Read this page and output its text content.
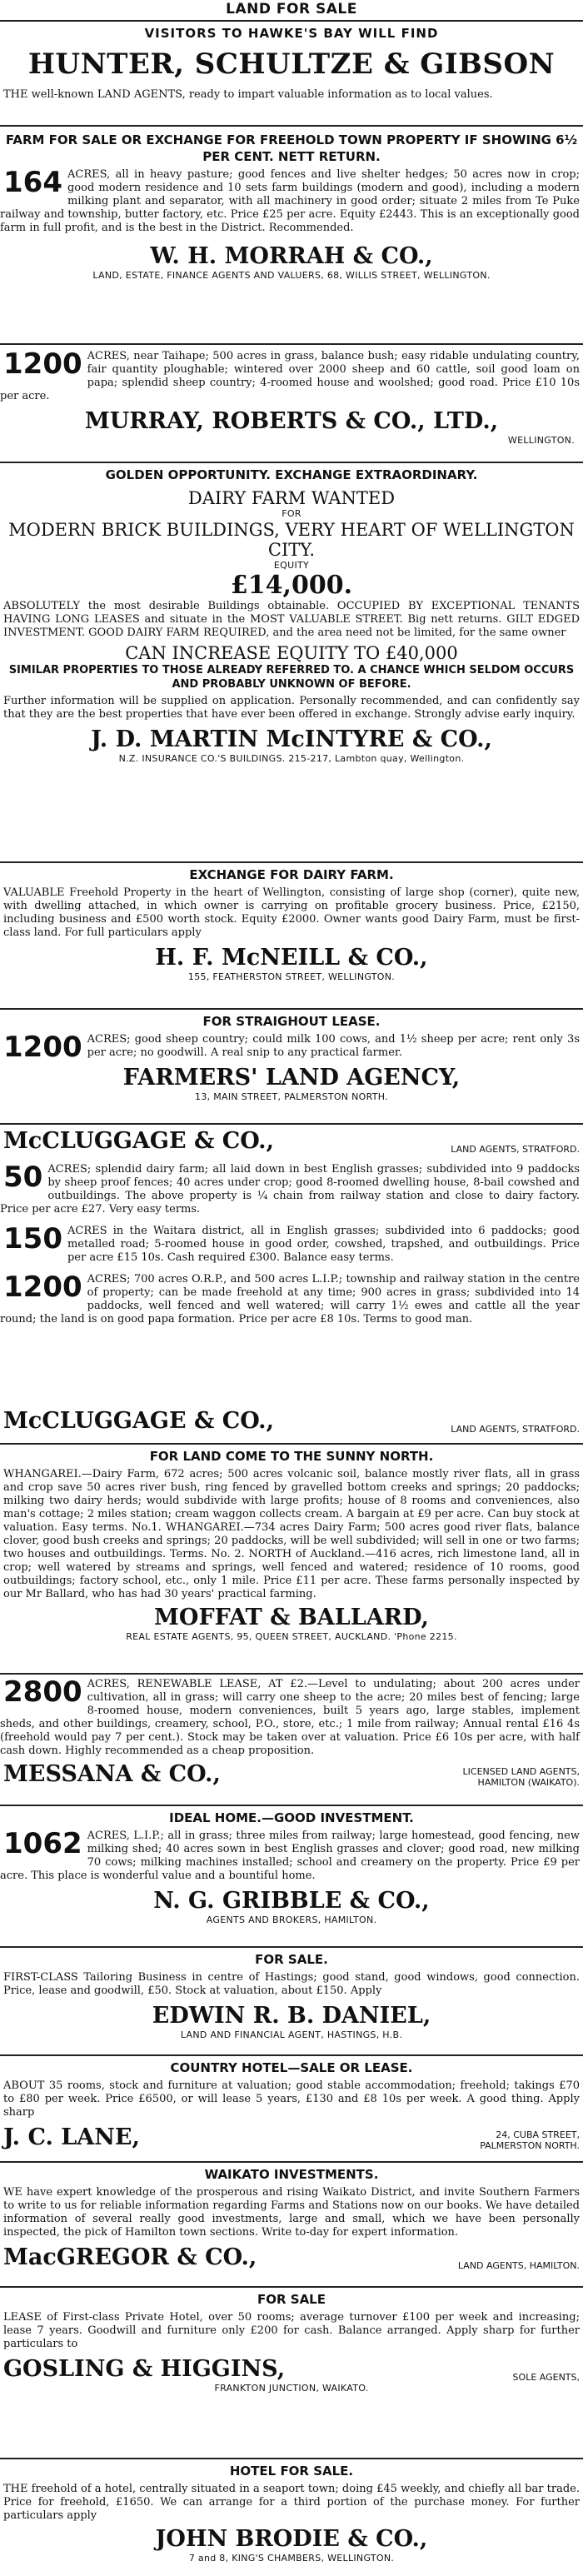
LAND FOR SALE
VISITORS TO HAWKE'S BAY WILL FIND
HUNTER, SCHULTZE & GIBSON
THE well-known LAND AGENTS, ready to impart valuable information as to local values.
FARM FOR SALE OR EXCHANGE FOR FREEHOLD TOWN PROPERTY IF SHOWING 6½ PER CENT. NETT RETURN.
164 ACRES, all in heavy pasture; good fences and live shelter hedges; 50 acres now in crop; good modern residence and 10 sets farm buildings (modern and good), including a modern milking plant and separator, with all machinery in good order; situate 2 miles from Te Puke railway and township, butter factory, etc. Price £25 per acre. Equity £2443. This is an exceptionally good farm in full profit, and is the best in the District. Recommended.
W. H. MORRAH & CO.,
LAND, ESTATE, FINANCE AGENTS AND VALUERS, 68, WILLIS STREET, WELLINGTON.
1200 ACRES, near Taihape; 500 acres in grass, balance bush; easy ridable undulating country, fair quantity ploughable; wintered over 2000 sheep and 60 cattle, soil good loam on papa; splendid sheep country; 4-roomed house and woolshed; good road. Price £10 10s per acre.
MURRAY, ROBERTS & CO., LTD.,
WELLINGTON.
GOLDEN OPPORTUNITY. EXCHANGE EXTRAORDINARY.
DAIRY FARM WANTED
FOR
MODERN BRICK BUILDINGS, VERY HEART OF WELLINGTON CITY.
EQUITY
£14,000.
ABSOLUTELY the most desirable Buildings obtainable. OCCUPIED BY EXCEPTIONAL TENANTS HAVING LONG LEASES and situate in the MOST VALUABLE STREET. Big nett returns. GILT EDGED INVESTMENT. GOOD DAIRY FARM REQUIRED, and the area need not be limited, for the same owner
CAN INCREASE EQUITY TO £40,000
SIMILAR PROPERTIES TO THOSE ALREADY REFERRED TO. A CHANCE WHICH SELDOM OCCURS AND PROBABLY UNKNOWN OF BEFORE.
Further information will be supplied on application. Personally recommended, and can confidently say that they are the best properties that have ever been offered in exchange. Strongly advise early inquiry.
J. D. MARTIN McINTYRE & CO.,
N.Z. INSURANCE CO.'S BUILDINGS. 215-217, Lambton quay, Wellington.
EXCHANGE FOR DAIRY FARM.
VALUABLE Freehold Property in the heart of Wellington, consisting of large shop (corner), quite new, with dwelling attached, in which owner is carrying on profitable grocery business. Price, £2150, including business and £500 worth stock. Equity £2000. Owner wants good Dairy Farm, must be first-class land. For full particulars apply
H. F. McNEILL & CO.,
155, FEATHERSTON STREET, WELLINGTON.
FOR STRAIGHOUT LEASE.
1200 ACRES; good sheep country; could milk 100 cows, and 1½ sheep per acre; rent only 3s per acre; no goodwill. A real snip to any practical farmer.
FARMERS' LAND AGENCY,
13, MAIN STREET, PALMERSTON NORTH.
McCLUGGAGE & CO.,	LAND AGENTS, STRATFORD.
50 ACRES; splendid dairy farm; all laid down in best English grasses; subdivided into 9 paddocks by sheep proof fences; 40 acres under crop; good 8-roomed dwelling house, 8-bail cowshed and outbuildings. The above property is ¼ chain from railway station and close to dairy factory. Price per acre £27. Very easy terms.
150 ACRES in the Waitara district, all in English grasses; subdivided into 6 paddocks; good metalled road; 5-roomed house in good order, cowshed, trapshed, and outbuildings. Price per acre £15 10s. Cash required £300. Balance easy terms.
1200 ACRES; 700 acres O.R.P., and 500 acres L.I.P.; township and railway station in the centre of property; can be made freehold at any time; 900 acres in grass; subdivided into 14 paddocks, well fenced and well watered; will carry 1½ ewes and cattle all the year round; the land is on good papa formation. Price per acre £8 10s. Terms to good man.
McCLUGGAGE & CO.,	LAND AGENTS, STRATFORD.
FOR LAND COME TO THE SUNNY NORTH.
WHANGAREI.—Dairy Farm, 672 acres; 500 acres volcanic soil, balance mostly river flats, all in grass and crop save 50 acres river bush, ring fenced by gravelled bottom creeks and springs; 20 paddocks; milking two dairy herds; would subdivide with large profits; house of 8 rooms and conveniences, also man's cottage; 2 miles station; cream waggon collects cream. A bargain at £9 per acre. Can buy stock at valuation. Easy terms. No.1. WHANGAREI.—734 acres Dairy Farm; 500 acres good river flats, balance clover, good bush creeks and springs; 20 paddocks, will be well subdivided; will sell in one or two farms; two houses and outbuildings. Terms. No. 2. NORTH of Auckland.—416 acres, rich limestone land, all in crop; well watered by streams and springs, well fenced and watered; residence of 10 rooms, good outbuildings; factory school, etc., only 1 mile. Price £11 per acre. These farms personally inspected by our Mr Ballard, who has had 30 years' practical farming.
MOFFAT & BALLARD,
REAL ESTATE AGENTS, 95, QUEEN STREET, AUCKLAND. 'Phone 2215.
2800 ACRES, RENEWABLE LEASE, AT £2.—Level to undulating; about 200 acres under cultivation, all in grass; will carry one sheep to the acre; 20 miles best of fencing; large 8-roomed house, modern conveniences, built 5 years ago, large stables, implement sheds, and other buildings, creamery, school, P.O., store, etc.; 1 mile from railway; Annual rental £16 4s (freehold would pay 7 per cent.). Stock may be taken over at valuation. Price £6 10s per acre, with half cash down. Highly recommended as a cheap proposition.
MESSANA & CO.,	LICENSED LAND AGENTS, HAMILTON (WAIKATO).
IDEAL HOME.—GOOD INVESTMENT.
1062 ACRES, L.I.P.; all in grass; three miles from railway; large homestead, good fencing, new milking shed; 40 acres sown in best English grasses and clover; good road, new milking 70 cows; milking machines installed; school and creamery on the property. Price £9 per acre. This place is wonderful value and a bountiful home.
N. G. GRIBBLE & CO.,
AGENTS AND BROKERS, HAMILTON.
FOR SALE.
FIRST-CLASS Tailoring Business in centre of Hastings; good stand, good windows, good connection. Price, lease and goodwill, £50. Stock at valuation, about £150. Apply
EDWIN R. B. DANIEL,
LAND AND FINANCIAL AGENT, HASTINGS, H.B.
COUNTRY HOTEL—SALE OR LEASE.
ABOUT 35 rooms, stock and furniture at valuation; good stable accommodation; freehold; takings £70 to £80 per week. Price £6500, or will lease 5 years, £130 and £8 10s per week. A good thing. Apply sharp
J. C. LANE,	24, CUBA STREET, PALMERSTON NORTH.
WAIKATO INVESTMENTS.
WE have expert knowledge of the prosperous and rising Waikato District, and invite Southern Farmers to write to us for reliable information regarding Farms and Stations now on our books. We have detailed information of several really good investments, large and small, which we have been personally inspected, the pick of Hamilton town sections. Write to-day for expert information.
MacGREGOR & CO.,	LAND AGENTS, HAMILTON.
FOR SALE
LEASE of First-class Private Hotel, over 50 rooms; average turnover £100 per week and increasing; lease 7 years. Goodwill and furniture only £200 for cash. Balance arranged. Apply sharp for further particulars to
GOSLING & HIGGINS,	SOLE AGENTS,
FRANKTON JUNCTION, WAIKATO.
HOTEL FOR SALE.
THE freehold of a hotel, centrally situated in a seaport town; doing £45 weekly, and chiefly all bar trade. Price for freehold, £1650. We can arrange for a third portion of the purchase money. For further particulars apply
JOHN BRODIE & CO.,
7 and 8, KING'S CHAMBERS, WELLINGTON.
